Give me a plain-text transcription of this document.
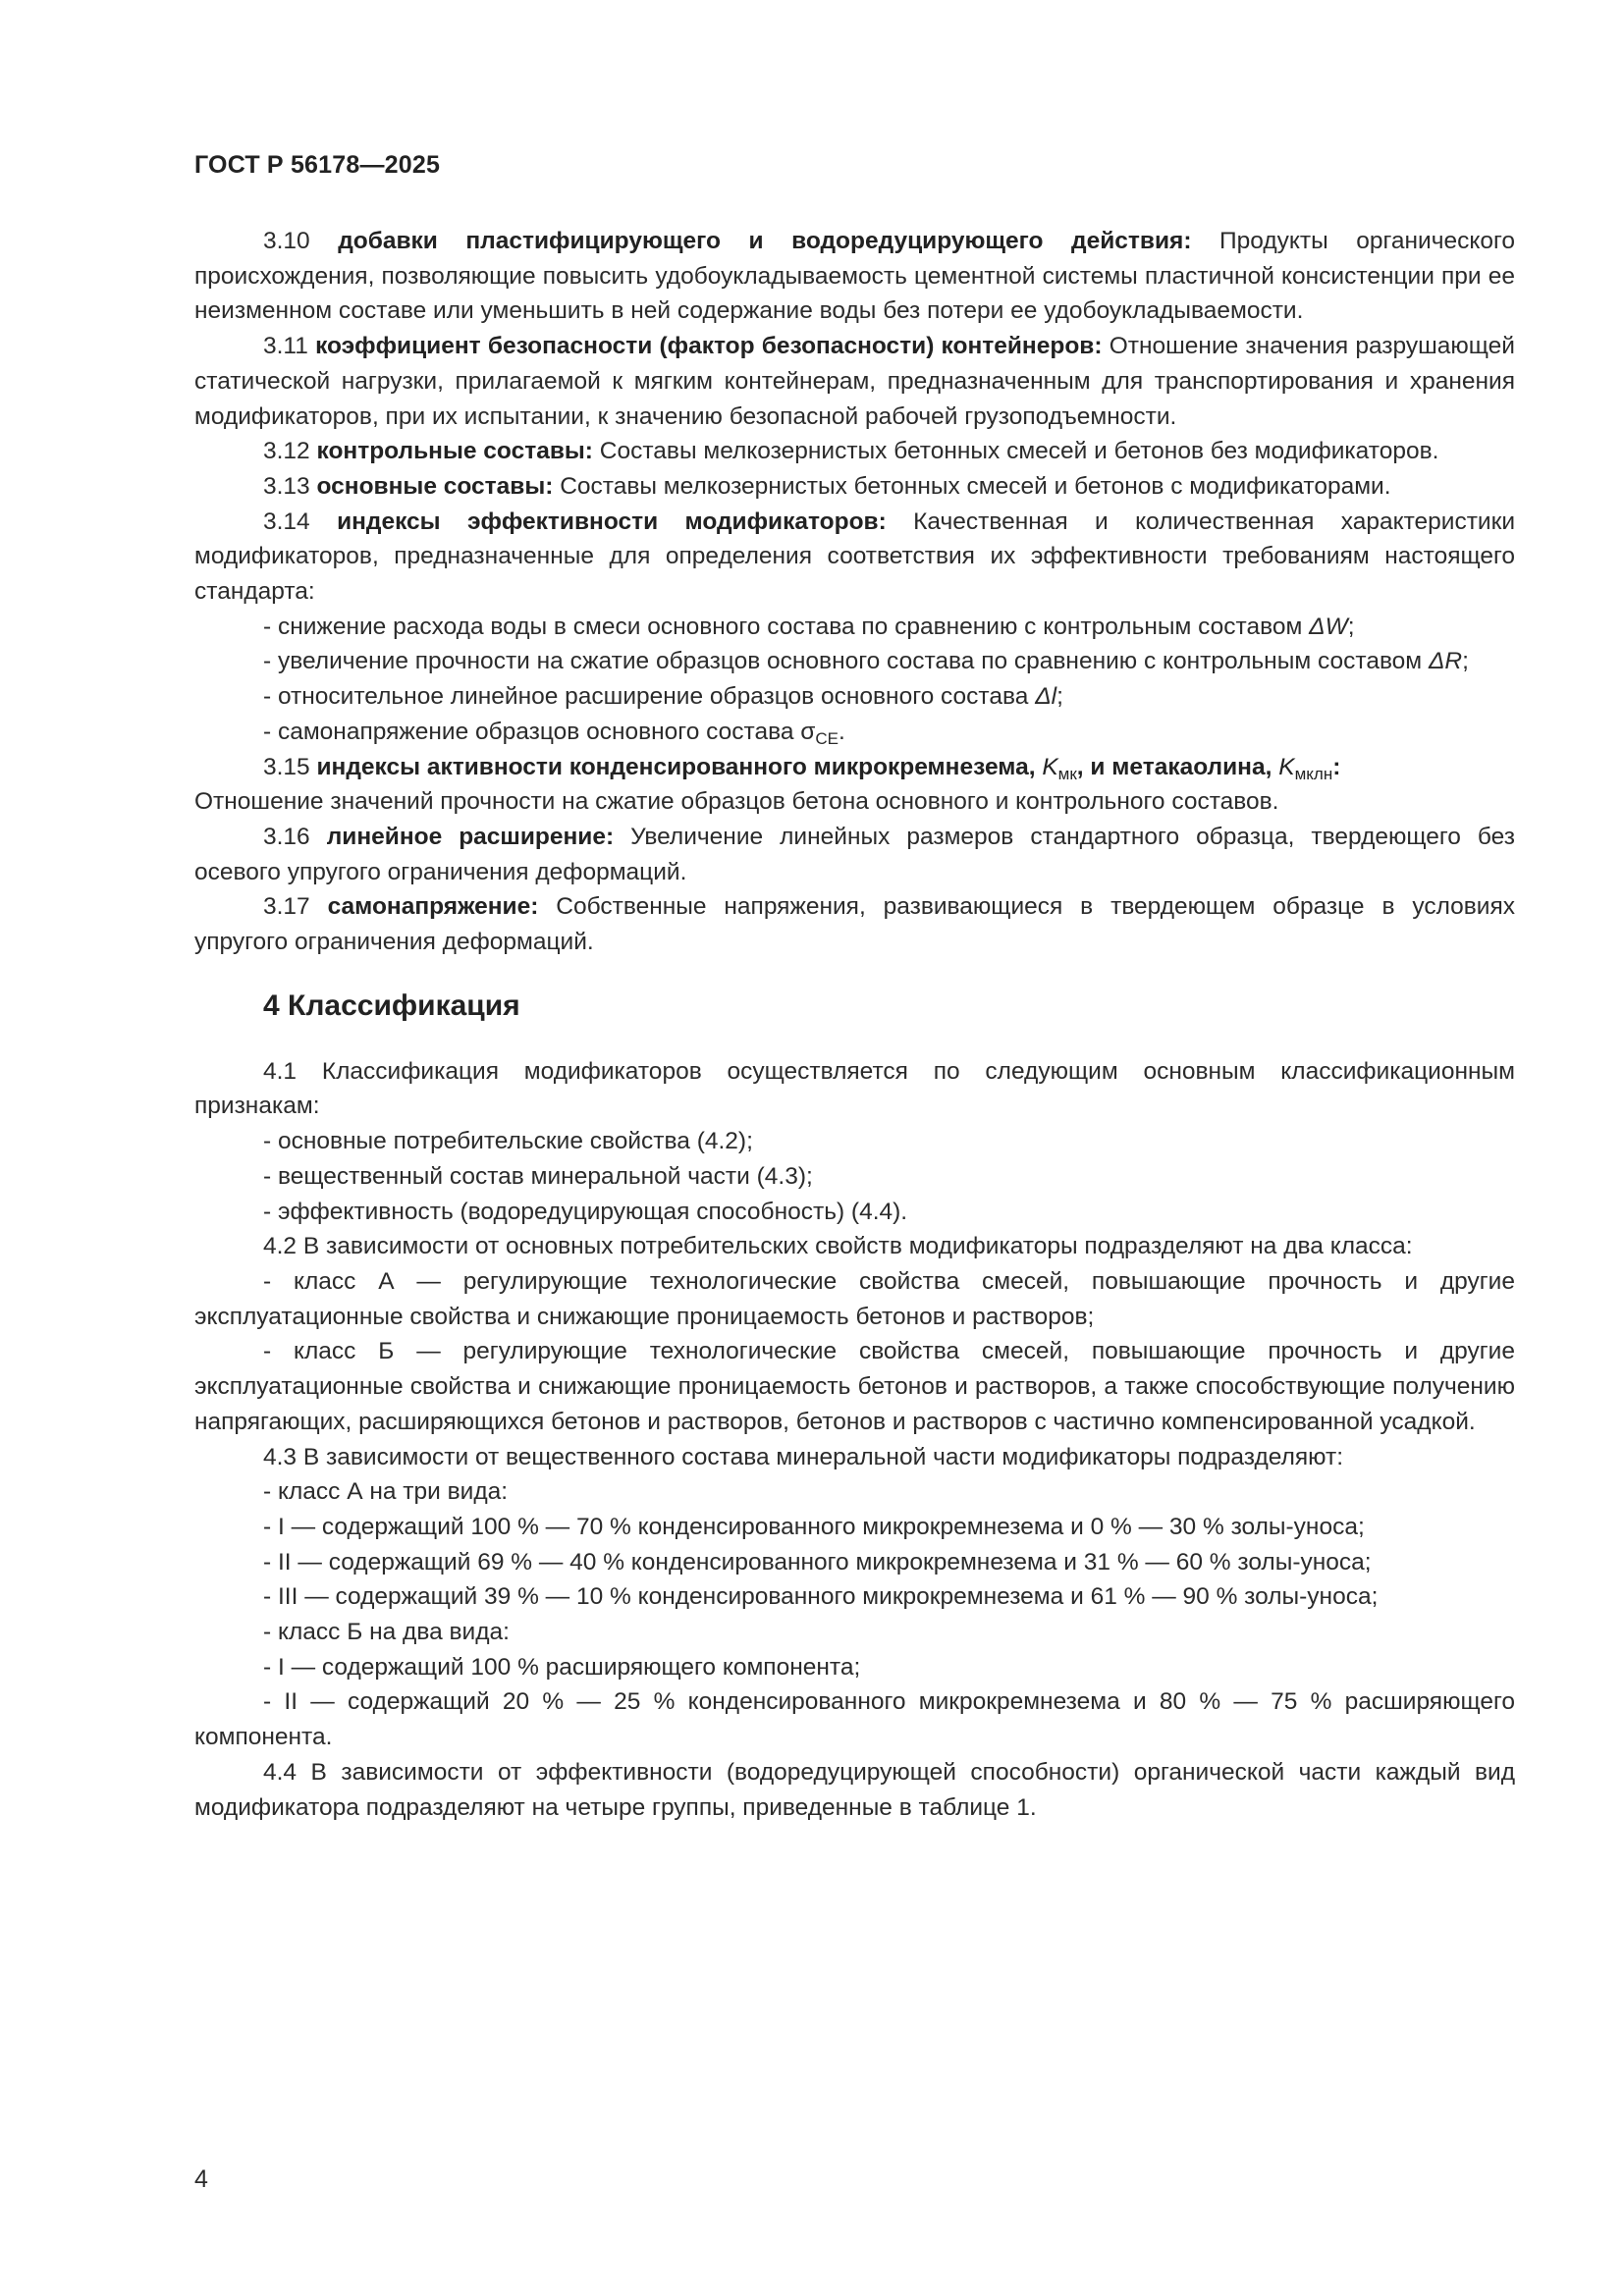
ГОСТ Р 56178—2025

3.10 добавки пластифицирующего и водоредуцирующего действия: Продукты органического происхождения, позволяющие повысить удобоукладываемость цементной системы пластичной консистенции при ее неизменном составе или уменьшить в ней содержание воды без потери ее удобоукладываемости.

3.11 коэффициент безопасности (фактор безопасности) контейнеров: Отношение значения разрушающей статической нагрузки, прилагаемой к мягким контейнерам, предназначенным для транспортирования и хранения модификаторов, при их испытании, к значению безопасной рабочей грузоподъемности.

3.12 контрольные составы: Составы мелкозернистых бетонных смесей и бетонов без модификаторов.

3.13 основные составы: Составы мелкозернистых бетонных смесей и бетонов с модификаторами.

3.14 индексы эффективности модификаторов: Качественная и количественная характеристики модификаторов, предназначенные для определения соответствия их эффективности требованиям настоящего стандарта:

- снижение расхода воды в смеси основного состава по сравнению с контрольным составом ΔW;

- увеличение прочности на сжатие образцов основного состава по сравнению с контрольным составом ΔR;

- относительное линейное расширение образцов основного состава Δl;

- самонапряжение образцов основного состава $\sigma_{CE}$.

3.15 индексы активности конденсированного микрокремнезема, $K_{мк}$, и метакаолина, $K_{мклн}$:

Отношение значений прочности на сжатие образцов бетона основного и контрольного составов.

3.16 линейное расширение: Увеличение линейных размеров стандартного образца, твердеющего без осевого упругого ограничения деформаций.

3.17 самонапряжение: Собственные напряжения, развивающиеся в твердеющем образце в условиях упругого ограничения деформаций.

4 Классификация

4.1 Классификация модификаторов осуществляется по следующим основным классификационным признакам:

- основные потребительские свойства (4.2);

- вещественный состав минеральной части (4.3);

- эффективность (водоредуцирующая способность) (4.4).

4.2 В зависимости от основных потребительских свойств модификаторы подразделяют на два класса:

- класс А — регулирующие технологические свойства смесей, повышающие прочность и другие эксплуатационные свойства и снижающие проницаемость бетонов и растворов;

- класс Б — регулирующие технологические свойства смесей, повышающие прочность и другие эксплуатационные свойства и снижающие проницаемость бетонов и растворов, а также способствующие получению напрягающих, расширяющихся бетонов и растворов, бетонов и растворов с частично компенсированной усадкой.

4.3 В зависимости от вещественного состава минеральной части модификаторы подразделяют:

- класс А на три вида:

- I — содержащий 100 % — 70 % конденсированного микрокремнезема и 0 % — 30 % золы-уноса;

- II — содержащий 69 % — 40 % конденсированного микрокремнезема и 31 % — 60 % золы-уноса;

- III — содержащий 39 % — 10 % конденсированного микрокремнезема и 61 % — 90 % золы-уноса;

- класс Б на два вида:

- I — содержащий 100 % расширяющего компонента;

- II — содержащий 20 % — 25 % конденсированного микрокремнезема и 80 % — 75 % расширяющего компонента.

4.4 В зависимости от эффективности (водоредуцирующей способности) органической части каждый вид модификатора подразделяют на четыре группы, приведенные в таблице 1.

4
